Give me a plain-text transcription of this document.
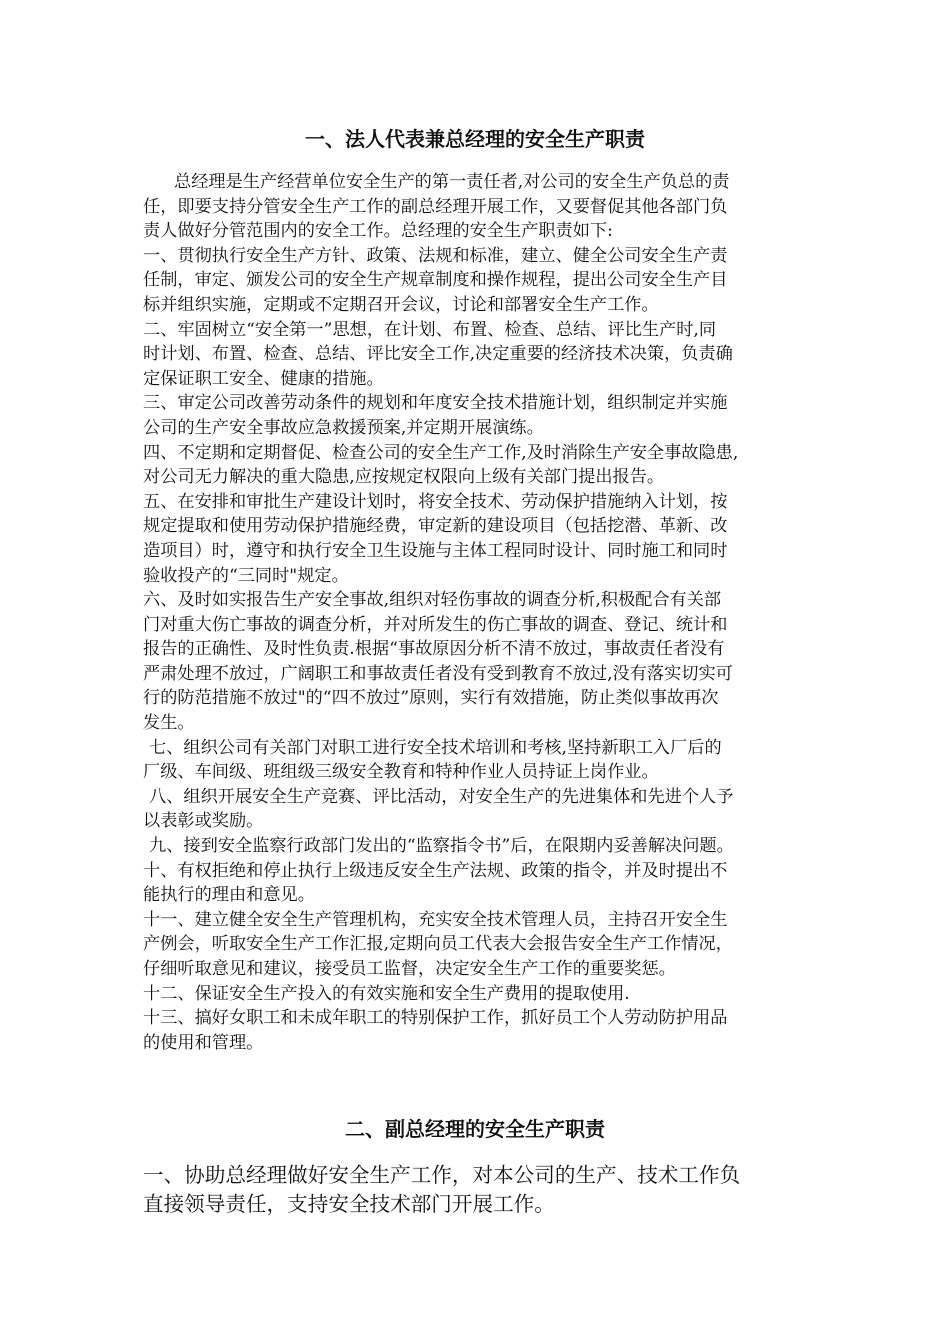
一、法人代表兼总经理的安全生产职责

总经理是生产经营单位安全生产的第一责任者,对公司的安全生产负总的责

任，即要支持分管安全生产工作的副总经理开展工作，又要督促其他各部门负

责人做好分管范围内的安全工作。总经理的安全生产职责如下:

一、贯彻执行安全生产方针、政策、法规和标准，建立、健全公司安全生产责

任制，审定、颁发公司的安全生产规章制度和操作规程，提出公司安全生产目

标并组织实施，定期或不定期召开会议，讨论和部署安全生产工作。

二、牢固树立“安全第一”思想，在计划、布置、检查、总结、评比生产时,同

时计划、布置、检查、总结、评比安全工作,决定重要的经济技术决策，负责确

定保证职工安全、健康的措施。

三、审定公司改善劳动条件的规划和年度安全技术措施计划，组织制定并实施

公司的生产安全事故应急救援预案,并定期开展演练。

四、不定期和定期督促、检查公司的安全生产工作,及时消除生产安全事故隐患,

对公司无力解决的重大隐患,应按规定权限向上级有关部门提出报告。

五、在安排和审批生产建设计划时，将安全技术、劳动保护措施纳入计划，按

规定提取和使用劳动保护措施经费，审定新的建设项目（包括挖潜、革新、改

造项目）时，遵守和执行安全卫生设施与主体工程同时设计、同时施工和同时

验收投产的“三同时"规定。

六、及时如实报告生产安全事故,组织对轻伤事故的调查分析,积极配合有关部

门对重大伤亡事故的调查分析，并对所发生的伤亡事故的调查、登记、统计和

报告的正确性、及时性负责.根据“事故原因分析不清不放过，事故责任者没有

严肃处理不放过，广阔职工和事故责任者没有受到教育不放过,没有落实切实可

行的防范措施不放过"的“四不放过”原则，实行有效措施，防止类似事故再次

发生。

七、组织公司有关部门对职工进行安全技术培训和考核,坚持新职工入厂后的

厂级、车间级、班组级三级安全教育和特种作业人员持证上岗作业。

八、组织开展安全生产竞赛、评比活动，对安全生产的先进集体和先进个人予

以表彰或奖励。

九、接到安全监察行政部门发出的“监察指令书”后，在限期内妥善解决问题。

十、有权拒绝和停止执行上级违反安全生产法规、政策的指令，并及时提出不

能执行的理由和意见。

十一、建立健全安全生产管理机构，充实安全技术管理人员，主持召开安全生

产例会，听取安全生产工作汇报,定期向员工代表大会报告安全生产工作情况，

仔细听取意见和建议，接受员工监督，决定安全生产工作的重要奖惩。

十二、保证安全生产投入的有效实施和安全生产费用的提取使用.

十三、搞好女职工和未成年职工的特别保护工作，抓好员工个人劳动防护用品

的使用和管理。

二、副总经理的安全生产职责

一、协助总经理做好安全生产工作，对本公司的生产、技术工作负

直接领导责任，支持安全技术部门开展工作。
